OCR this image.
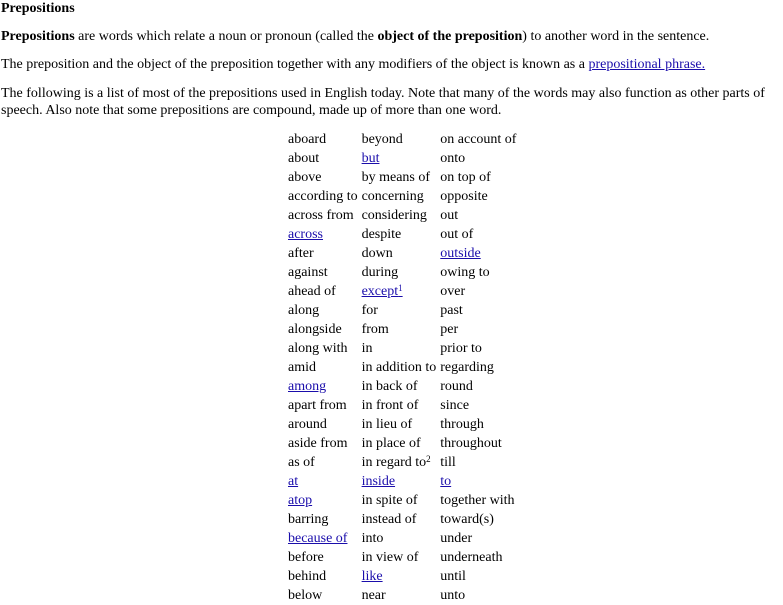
Prepositions

Prepositions are words which relate a noun or pronoun (called the object of the preposition) to another word in the sentence.

The preposition and the object of the preposition together with any modifiers of the object is known as a prepositional phrase.

The following is a list of most of the prepositions used in English today. Note that many of the words may also function as other parts of speech. Also note that some prepositions are compound, made up of more than one word.

aboard	beyond	on account of
about	but	onto
above	by means of	on top of
according to	concerning	opposite
across from	considering	out
across	despite	out of
after	down	outside
against	during	owing to
ahead of	except$^1$	over
along	for	past
alongside	from	per
along with	in	prior to
amid	in addition to	regarding
among	in back of	round
apart from	in front of	since
around	in lieu of	through
aside from	in place of	throughout
as of	in regard $to^2$	till
at	inside	to
atop	in spite of	together with
barring	instead of	toward(s)
because of	into	under
before	in view of	underneath
behind	like	until
below	near	unto
